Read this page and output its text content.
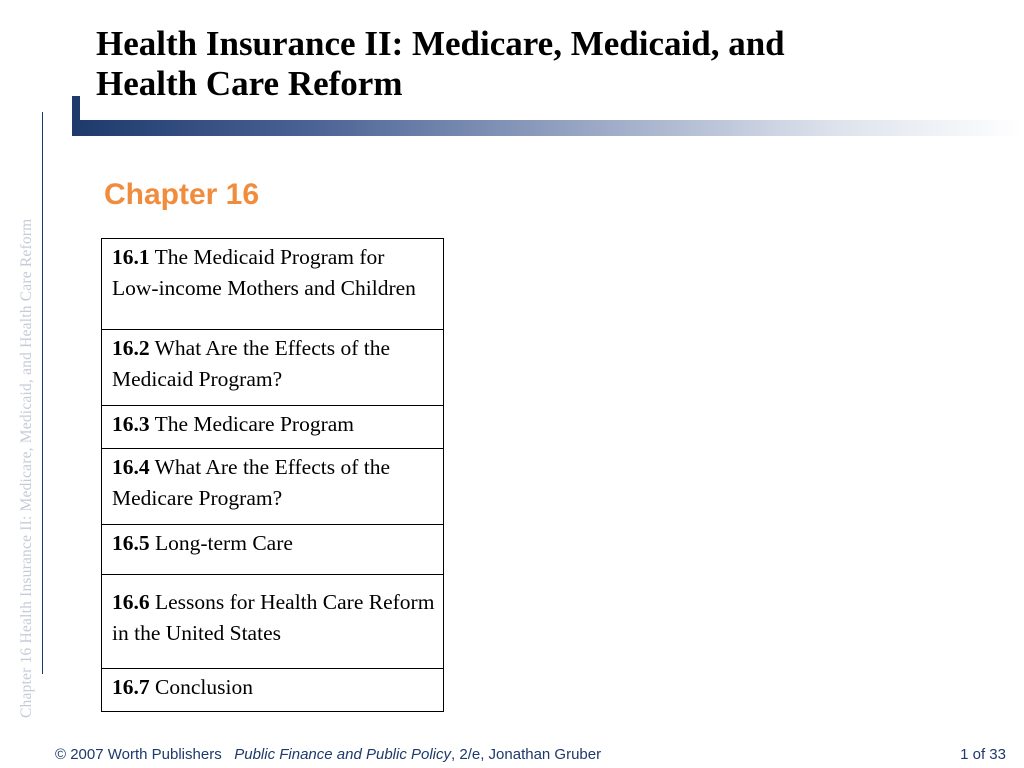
Chapter 16 Health Insurance II: Medicare, Medicaid, and Health Care Reform
Health Insurance II: Medicare, Medicaid, and
Health Care Reform
Chapter 16
16.1 The Medicaid Program for Low-income Mothers and Children
16.2 What Are the Effects of the Medicaid Program?
16.3 The Medicare Program
16.4 What Are the Effects of the Medicare Program?
16.5 Long-term Care
16.6 Lessons for Health Care Reform in the United States
16.7 Conclusion
© 2007 Worth Publishers Public Finance and Public Policy, 2/e, Jonathan Gruber	1 of 33
